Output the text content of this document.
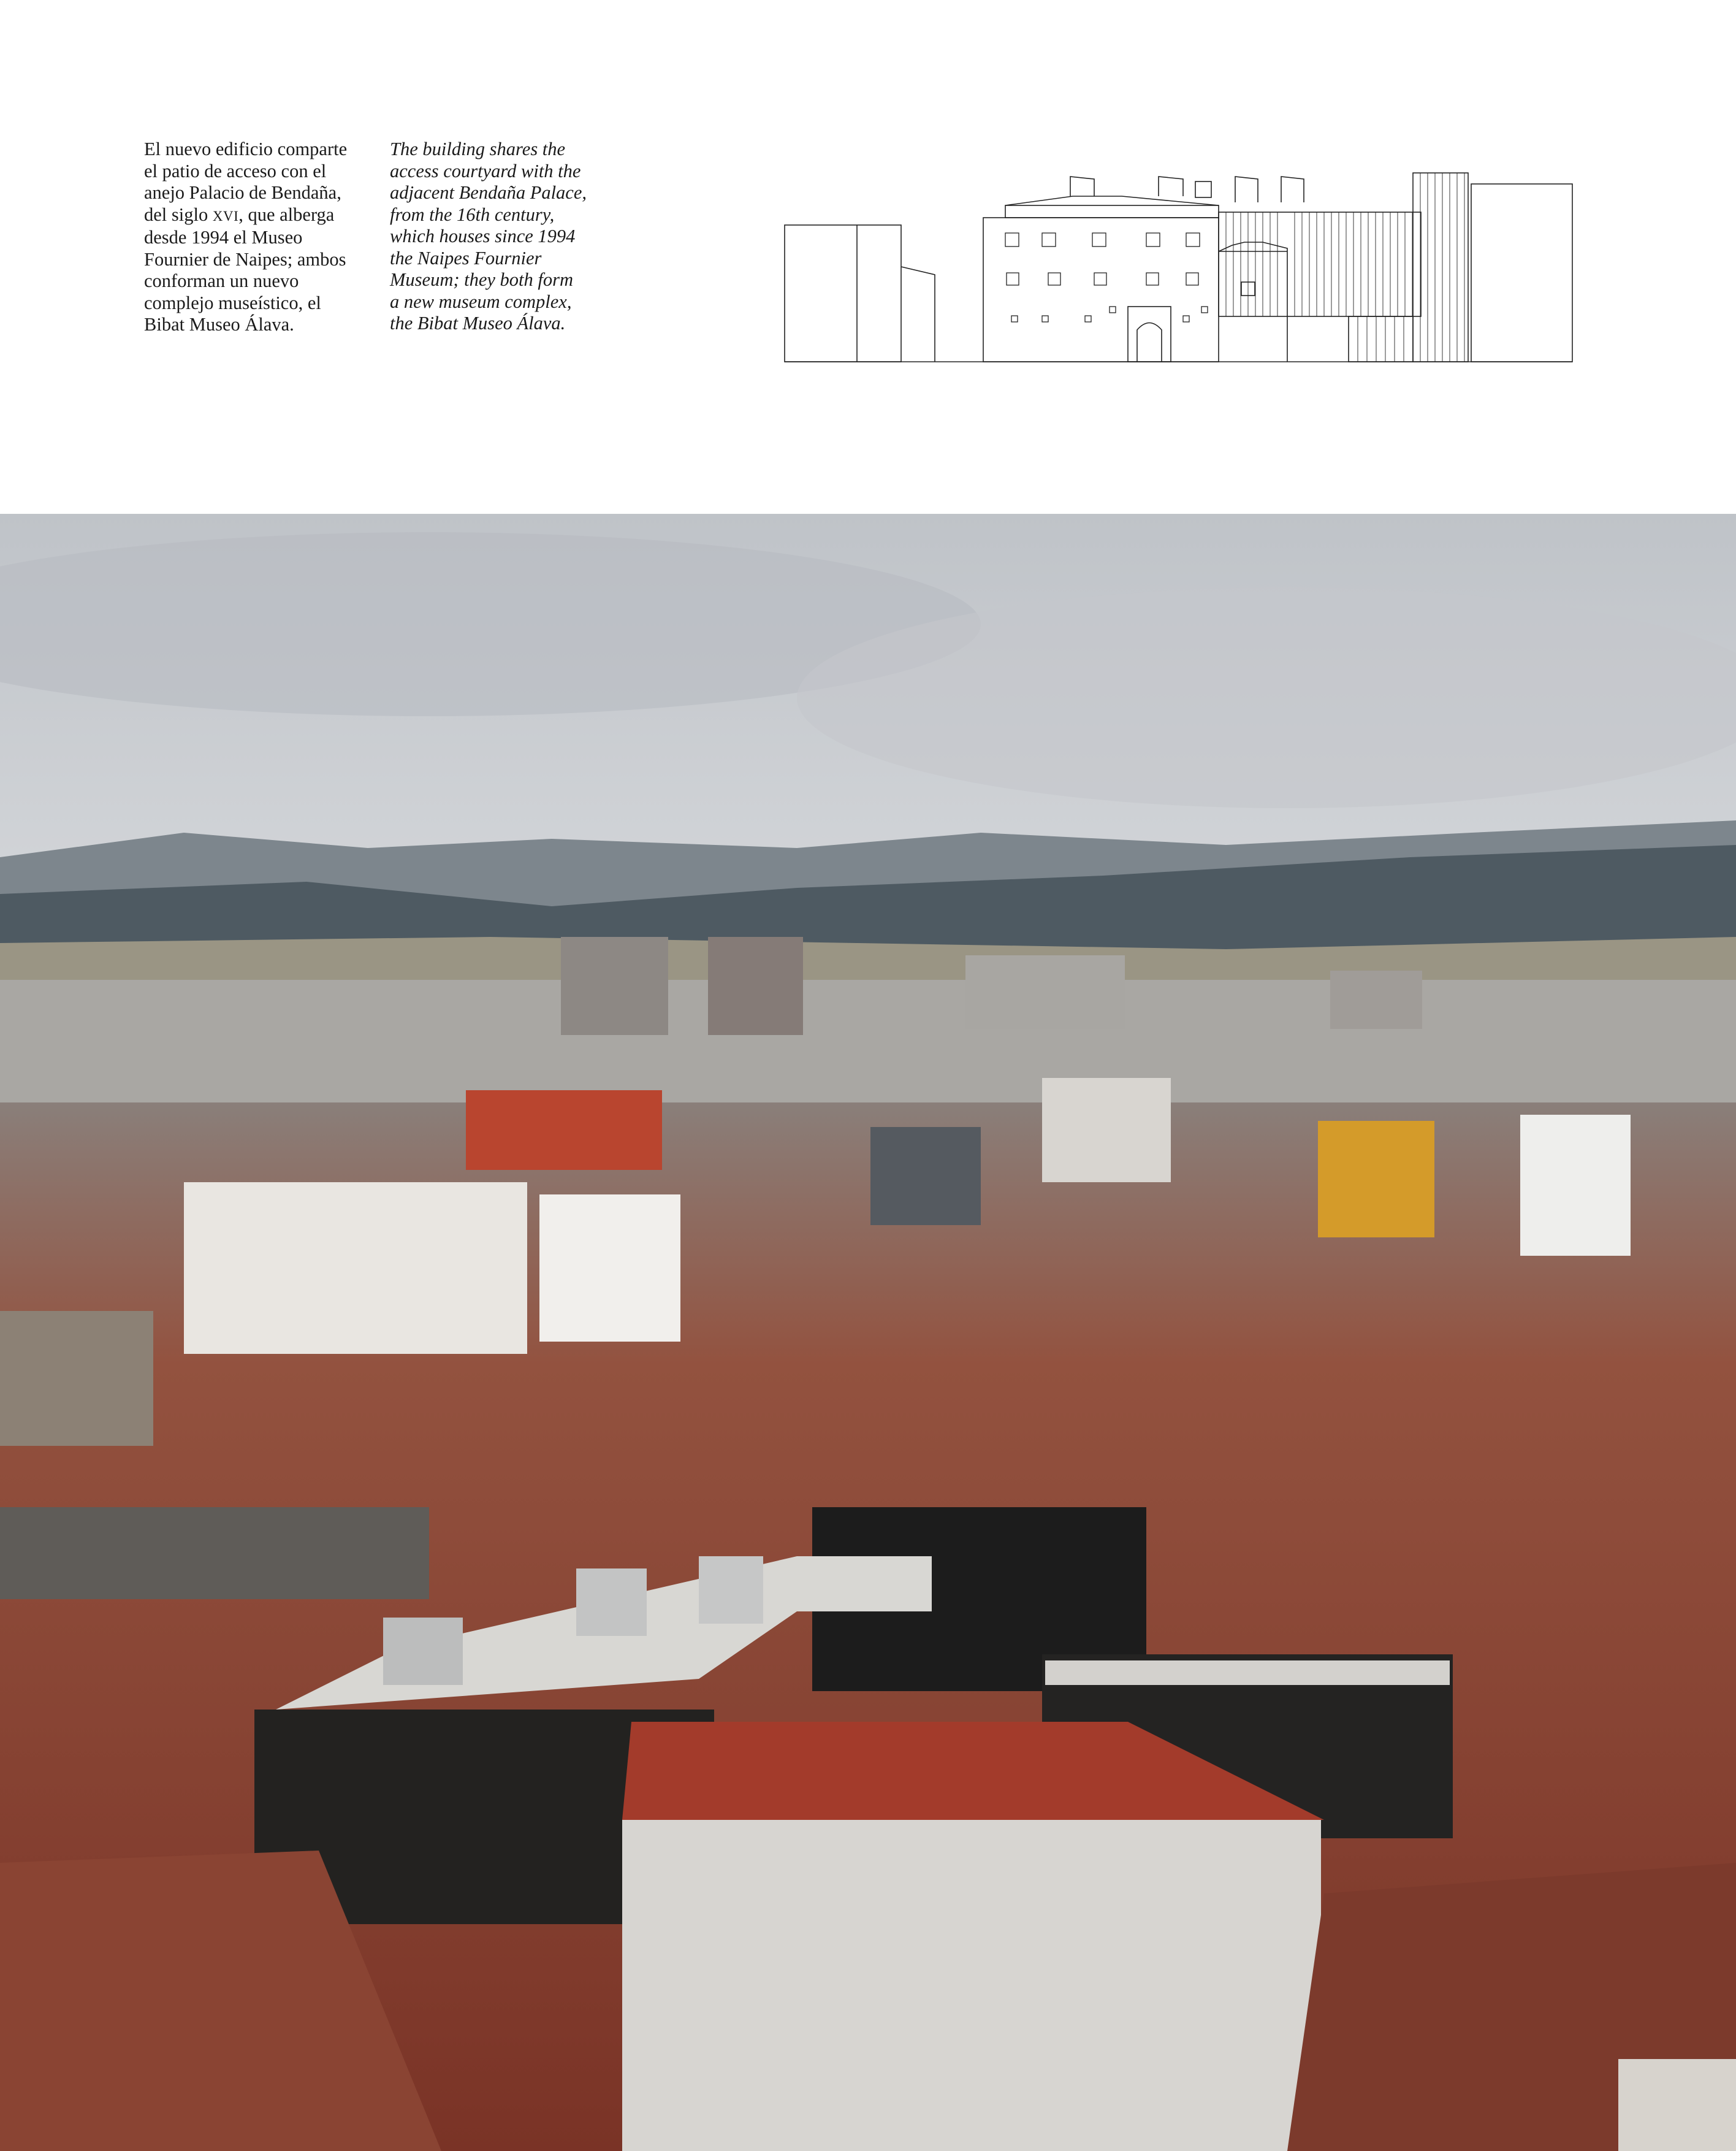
El nuevo edificio comparte
el patio de acceso con el
anejo Palacio de Bendaña,
del siglo XVI, que alberga
desde 1994 el Museo
Fournier de Naipes; ambos
conforman un nuevo
complejo museístico, el
Bibat Museo Álava.
The building shares the
access courtyard with the
adjacent Bendaña Palace,
from the 16th century,
which houses since 1994
the Naipes Fournier
Museum; they both form
a new museum complex,
the Bibat Museo Álava.
